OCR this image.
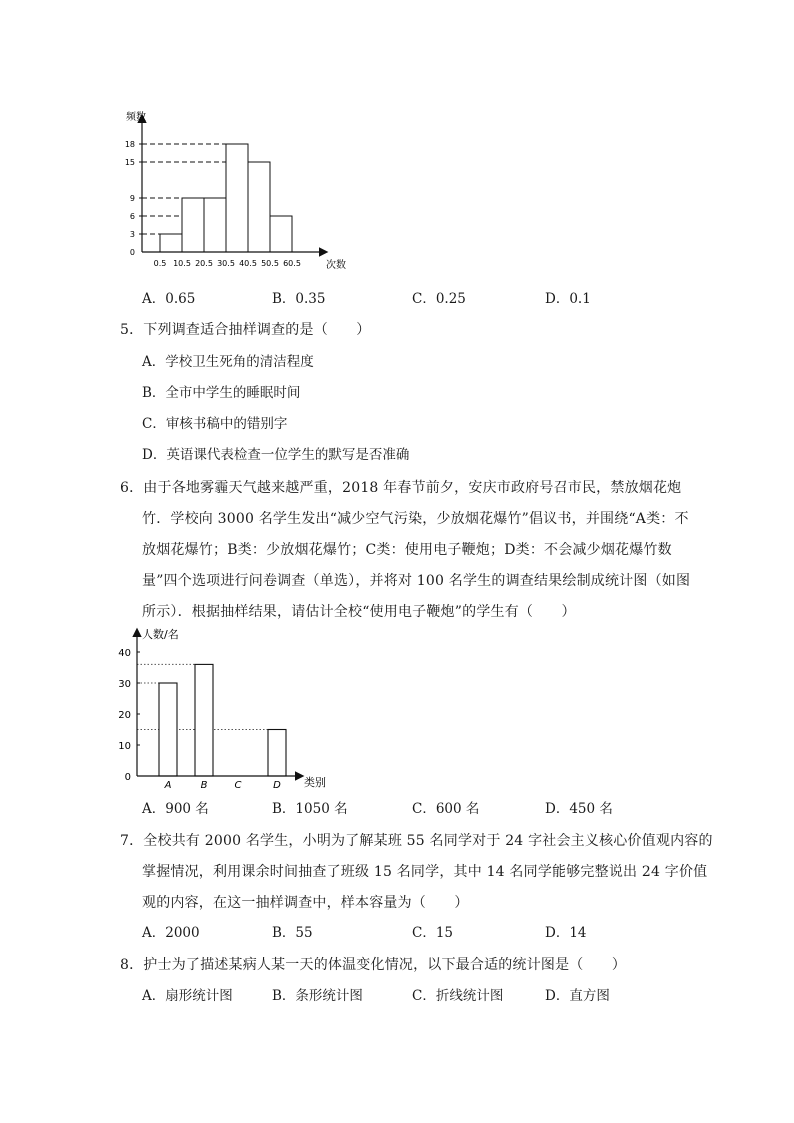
频数
次数
0
3
6
9
15
18
0.5 10.5 20.5 30.5 40.5 50.5 60.5
A．0.65	B．0.35	C．0.25	D．0.1
5．下列调查适合抽样调查的是（　　）
A．学校卫生死角的清洁程度
B．全市中学生的睡眠时间
C．审核书稿中的错别字
D．英语课代表检查一位学生的默写是否准确
6．由于各地雾霾天气越来越严重，2018 年春节前夕，安庆市政府号召市民，禁放烟花炮
竹．学校向 3000 名学生发出“减少空气污染，少放烟花爆竹”倡议书，并围绕“A类：不
放烟花爆竹；B类：少放烟花爆竹；C类：使用电子鞭炮；D类：不会减少烟花爆竹数
量”四个选项进行问卷调查（单选），并将对 100 名学生的调查结果绘制成统计图（如图
所示）．根据抽样结果，请估计全校“使用电子鞭炮”的学生有（　　）
人数/名
类别
0
10
20
30
40
A	B	C	D
A．900 名	B．1050 名	C．600 名	D．450 名
7．全校共有 2000 名学生，小明为了解某班 55 名同学对于 24 字社会主义核心价值观内容的
掌握情况，利用课余时间抽查了班级 15 名同学，其中 14 名同学能够完整说出 24 字价值
观的内容，在这一抽样调查中，样本容量为（　　）
A．2000	B．55	C．15	D．14
8．护士为了描述某病人某一天的体温变化情况，以下最合适的统计图是（　　）
A．扇形统计图	B．条形统计图	C．折线统计图	D．直方图
